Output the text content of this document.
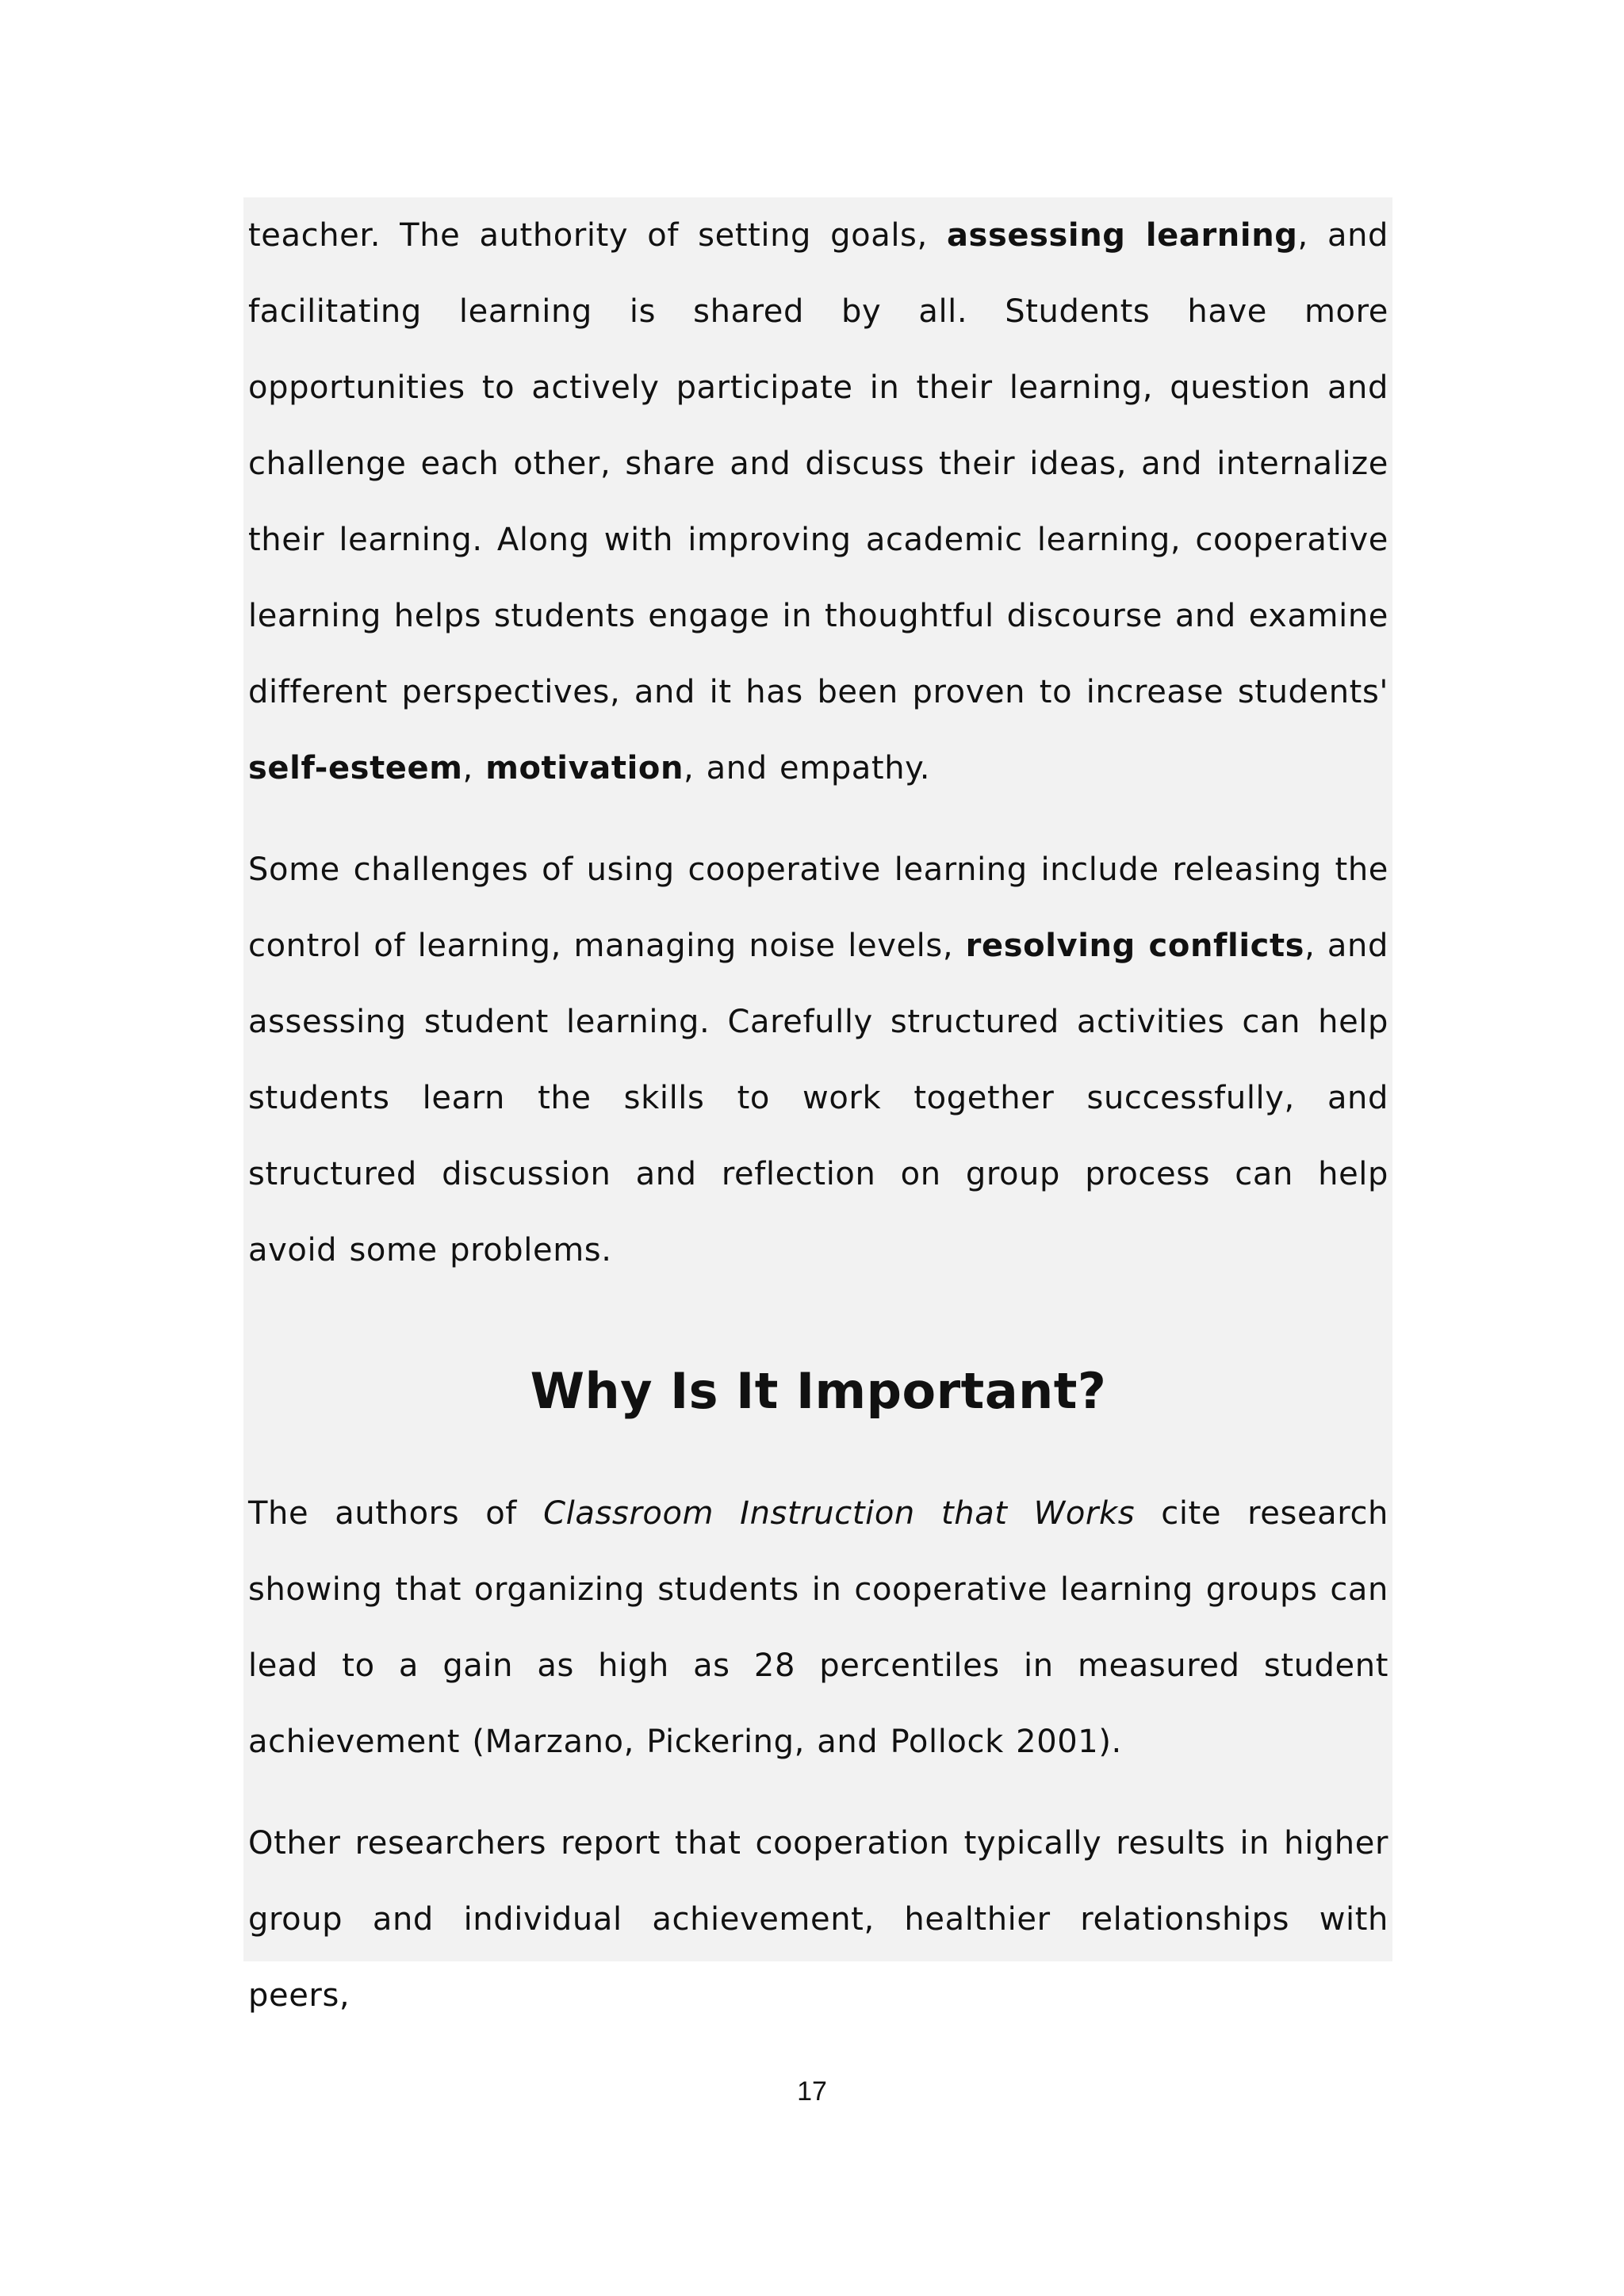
teacher. The authority of setting goals, assessing learning, and facilitating learning is shared by all. Students have more opportunities to actively participate in their learning, question and challenge each other, share and discuss their ideas, and internalize their learning. Along with improving academic learning, cooperative learning helps students engage in thoughtful discourse and examine different perspectives, and it has been proven to increase students' self-esteem, motivation, and empathy.

Some challenges of using cooperative learning include releasing the control of learning, managing noise levels, resolving conflicts, and assessing student learning. Carefully structured activities can help students learn the skills to work together successfully, and structured discussion and reflection on group process can help avoid some problems.

Why Is It Important?

The authors of Classroom Instruction that Works cite research showing that organizing students in cooperative learning groups can lead to a gain as high as 28 percentiles in measured student achievement (Marzano, Pickering, and Pollock 2001).

Other researchers report that cooperation typically results in higher group and individual achievement, healthier relationships with peers,

17
